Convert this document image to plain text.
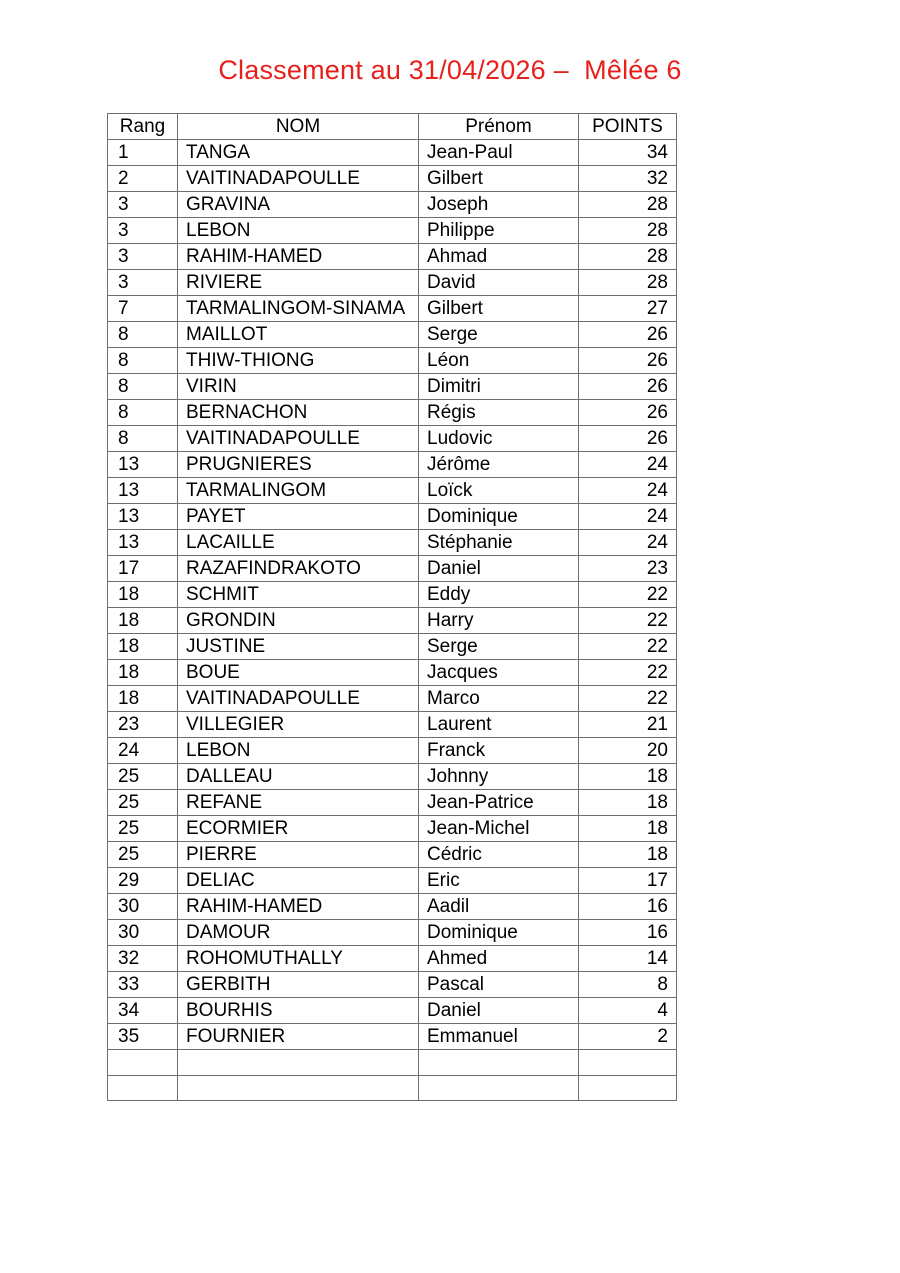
Classement au 31/04/2026 –  Mêlée 6
Rang	NOM	Prénom	POINTS
1	TANGA	Jean-Paul	34
2	VAITINADAPOULLE	Gilbert	32
3	GRAVINA	Joseph	28
3	LEBON	Philippe	28
3	RAHIM-HAMED	Ahmad	28
3	RIVIERE	David	28
7	TARMALINGOM-SINAMA	Gilbert	27
8	MAILLOT	Serge	26
8	THIW-THIONG	Léon	26
8	VIRIN	Dimitri	26
8	BERNACHON	Régis	26
8	VAITINADAPOULLE	Ludovic	26
13	PRUGNIERES	Jérôme	24
13	TARMALINGOM	Loïck	24
13	PAYET	Dominique	24
13	LACAILLE	Stéphanie	24
17	RAZAFINDRAKOTO	Daniel	23
18	SCHMIT	Eddy	22
18	GRONDIN	Harry	22
18	JUSTINE	Serge	22
18	BOUE	Jacques	22
18	VAITINADAPOULLE	Marco	22
23	VILLEGIER	Laurent	21
24	LEBON	Franck	20
25	DALLEAU	Johnny	18
25	REFANE	Jean-Patrice	18
25	ECORMIER	Jean-Michel	18
25	PIERRE	Cédric	18
29	DELIAC	Eric	17
30	RAHIM-HAMED	Aadil	16
30	DAMOUR	Dominique	16
32	ROHOMUTHALLY	Ahmed	14
33	GERBITH	Pascal	8
34	BOURHIS	Daniel	4
35	FOURNIER	Emmanuel	2
